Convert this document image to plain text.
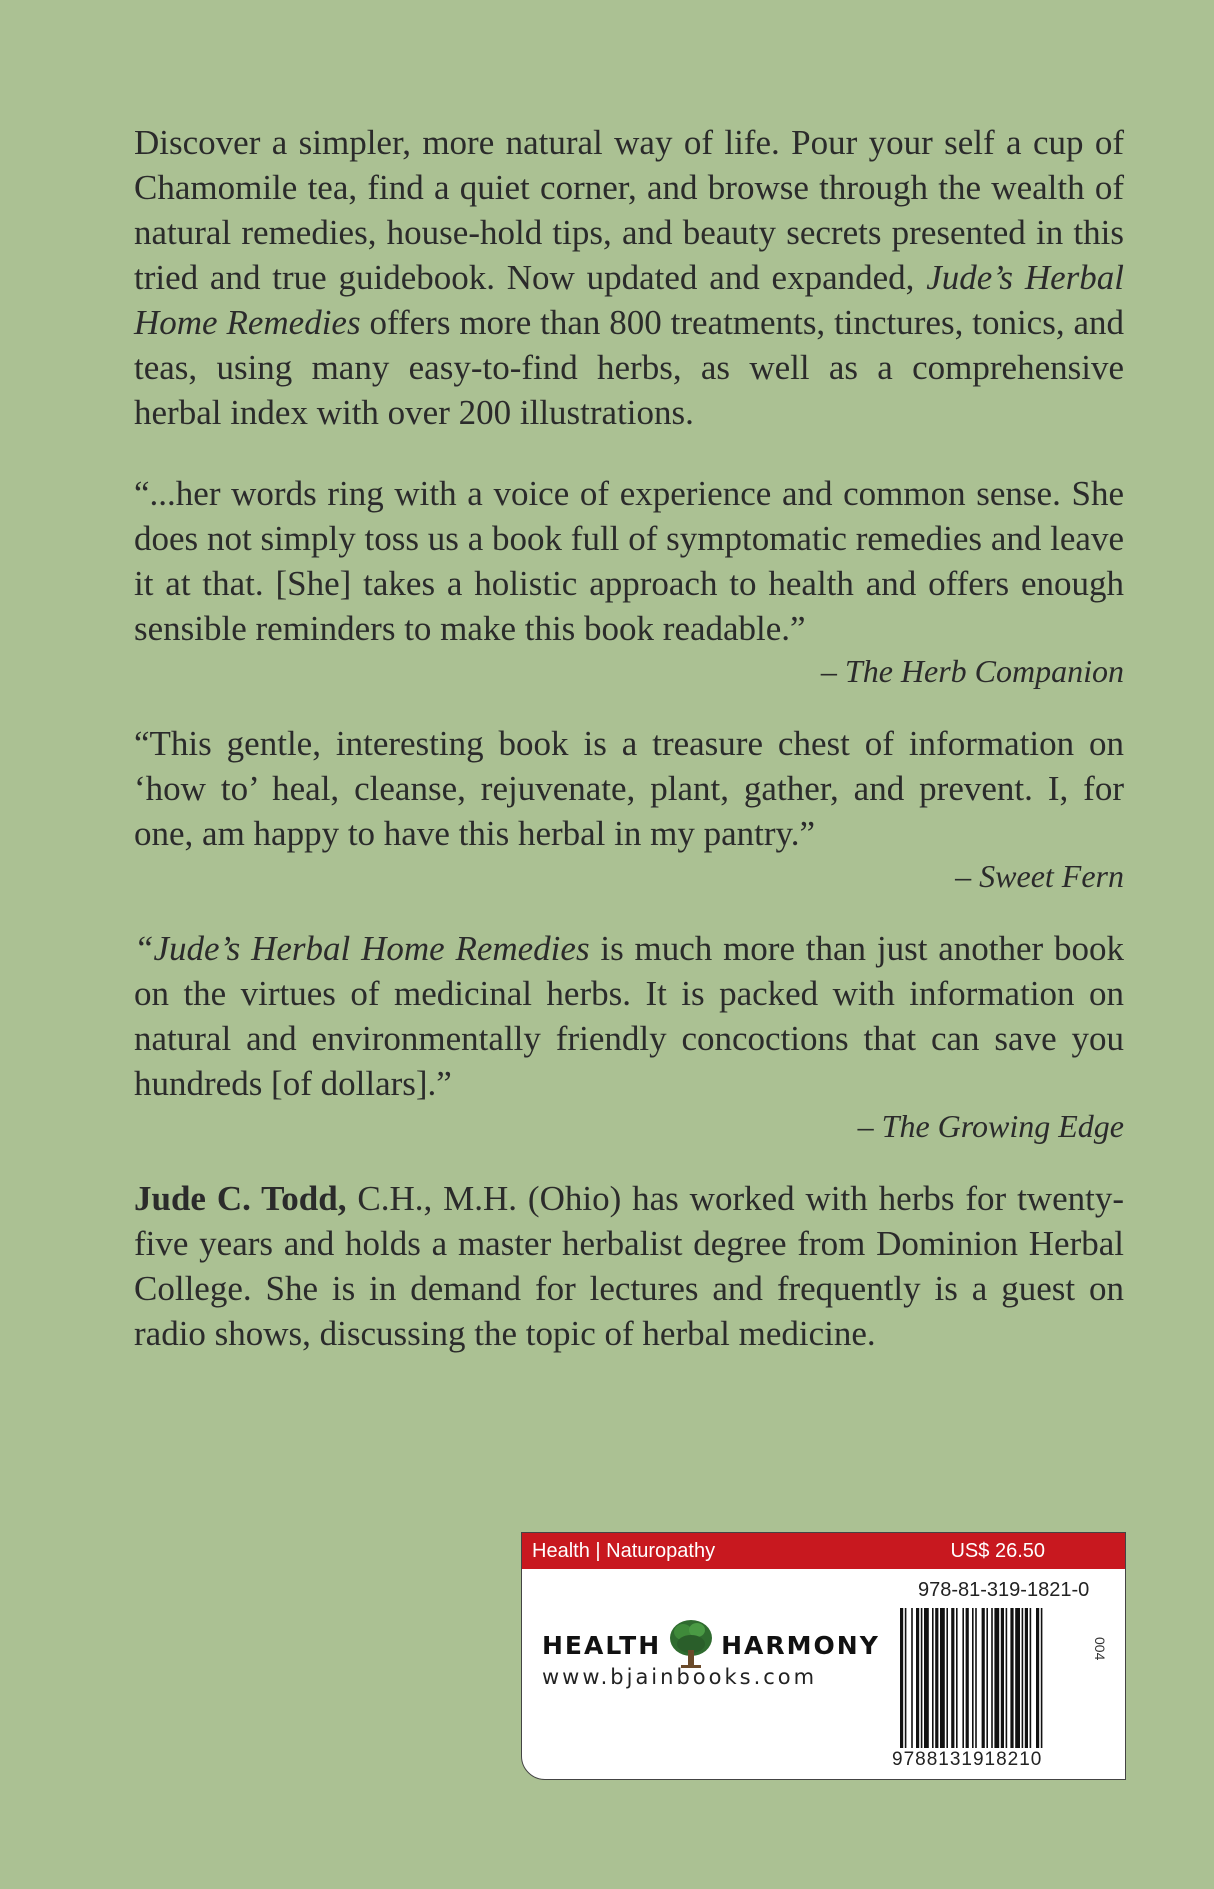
Discover a simpler, more natural way of life. Pour your self a cup of Chamomile tea, find a quiet corner, and browse through the wealth of natural remedies, house-hold tips, and beauty secrets presented in this tried and true guidebook. Now updated and expanded, Jude’s Herbal Home Remedies offers more than 800 treatments, tinctures, tonics, and teas, using many easy-to-find herbs, as well as a comprehensive herbal index with over 200 illustrations.

“...her words ring with a voice of experience and common sense. She does not simply toss us a book full of symptomatic remedies and leave it at that. [She] takes a holistic approach to health and offers enough sensible reminders to make this book readable.”

– The Herb Companion

“This gentle, interesting book is a treasure chest of information on ‘how to’ heal, cleanse, rejuvenate, plant, gather, and prevent. I, for one, am happy to have this herbal in my pantry.”

– Sweet Fern

“Jude’s Herbal Home Remedies is much more than just another book on the virtues of medicinal herbs. It is packed with information on natural and environmentally friendly concoctions that can save you hundreds [of dollars].”

– The Growing Edge

Jude C. Todd, C.H., M.H. (Ohio) has worked with herbs for twenty-five years and holds a master herbalist degree from Dominion Herbal College. She is in demand for lectures and frequently is a guest on radio shows, discussing the topic of herbal medicine.

Health | Naturopathy	US$ 26.50
HEALTH HARMONY
www.bjainbooks.com
978-81-319-1821-0
9788131918210
004
